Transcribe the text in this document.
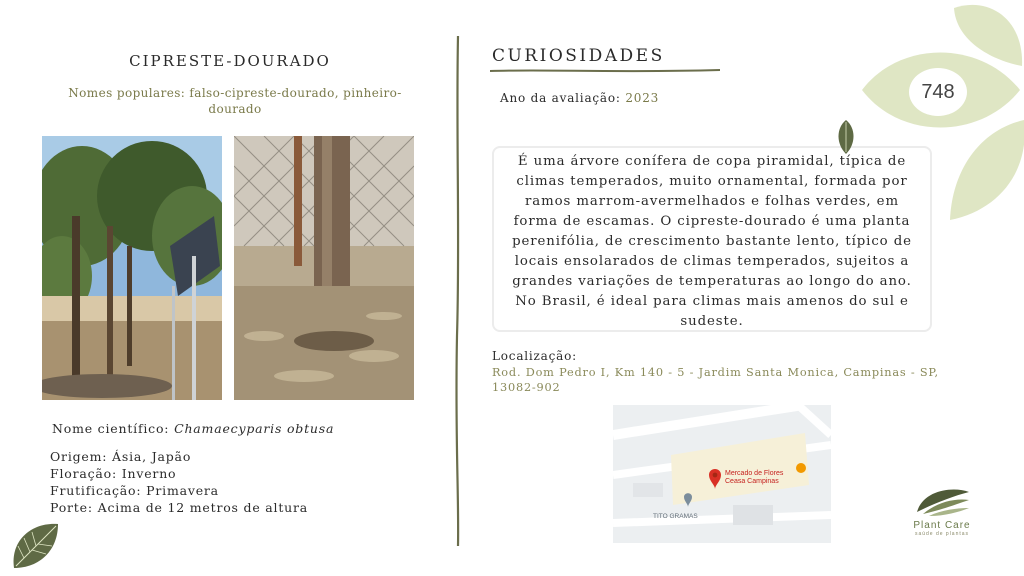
CIPRESTE-DOURADO
Nomes populares: falso-cipreste-dourado, pinheiro-dourado
Nome científico: Chamaecyparis obtusa
Origem: Ásia, Japão
Floração: Inverno
Frutificação: Primavera
Porte: Acima de 12 metros de altura
CURIOSIDADES
Ano da avaliação: 2023
É uma árvore conífera de copa piramidal, típica de climas temperados, muito ornamental, formada por ramos marrom-avermelhados e folhas verdes, em forma de escamas. O cipreste-dourado é uma planta perenifólia, de crescimento bastante lento, típico de locais ensolarados de climas temperados, sujeitos a grandes variações de temperaturas ao longo do ano. No Brasil, é ideal para climas mais amenos do sul e sudeste.
Localização:
Rod. Dom Pedro I, Km 140 - 5 - Jardim Santa Monica, Campinas - SP, 13082-902
Mercado de Flores
Ceasa Campinas
TITO GRAMAS
748
Plant Care
saúde de plantas
